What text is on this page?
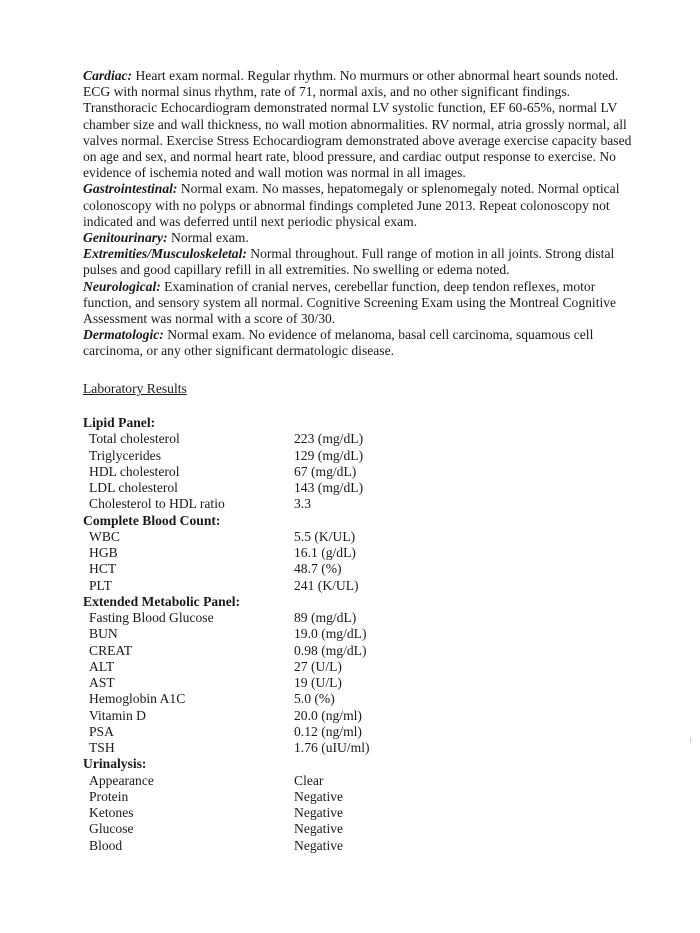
Cardiac: Heart exam normal. Regular rhythm. No murmurs or other abnormal heart sounds noted. ECG with normal sinus rhythm, rate of 71, normal axis, and no other significant findings. Transthoracic Echocardiogram demonstrated normal LV systolic function, EF 60-65%, normal LV chamber size and wall thickness, no wall motion abnormalities. RV normal, atria grossly normal, all valves normal. Exercise Stress Echocardiogram demonstrated above average exercise capacity based on age and sex, and normal heart rate, blood pressure, and cardiac output response to exercise. No evidence of ischemia noted and wall motion was normal in all images.

Gastrointestinal: Normal exam. No masses, hepatomegaly or splenomegaly noted. Normal optical colonoscopy with no polyps or abnormal findings completed June 2013. Repeat colonoscopy not indicated and was deferred until next periodic physical exam.

Genitourinary: Normal exam.

Extremities/Musculoskeletal: Normal throughout. Full range of motion in all joints. Strong distal pulses and good capillary refill in all extremities. No swelling or edema noted.

Neurological: Examination of cranial nerves, cerebellar function, deep tendon reflexes, motor function, and sensory system all normal. Cognitive Screening Exam using the Montreal Cognitive Assessment was normal with a score of 30/30.

Dermatologic: Normal exam. No evidence of melanoma, basal cell carcinoma, squamous cell carcinoma, or any other significant dermatologic disease.

Laboratory Results
Lipid Panel:
Total cholesterol	223 (mg/dL)
Triglycerides	129 (mg/dL)
HDL cholesterol	67 (mg/dL)
LDL cholesterol	143 (mg/dL)
Cholesterol to HDL ratio	3.3
Complete Blood Count:
WBC	5.5 (K/UL)
HGB	16.1 (g/dL)
HCT	48.7 (%)
PLT	241 (K/UL)
Extended Metabolic Panel:
Fasting Blood Glucose	89 (mg/dL)
BUN	19.0 (mg/dL)
CREAT	0.98 (mg/dL)
ALT	27 (U/L)
AST	19 (U/L)
Hemoglobin A1C	5.0 (%)
Vitamin D	20.0 (ng/ml)
PSA	0.12 (ng/ml)
TSH	1.76 (uIU/ml)
Urinalysis:
Appearance	Clear
Protein	Negative
Ketones	Negative
Glucose	Negative
Blood	Negative
